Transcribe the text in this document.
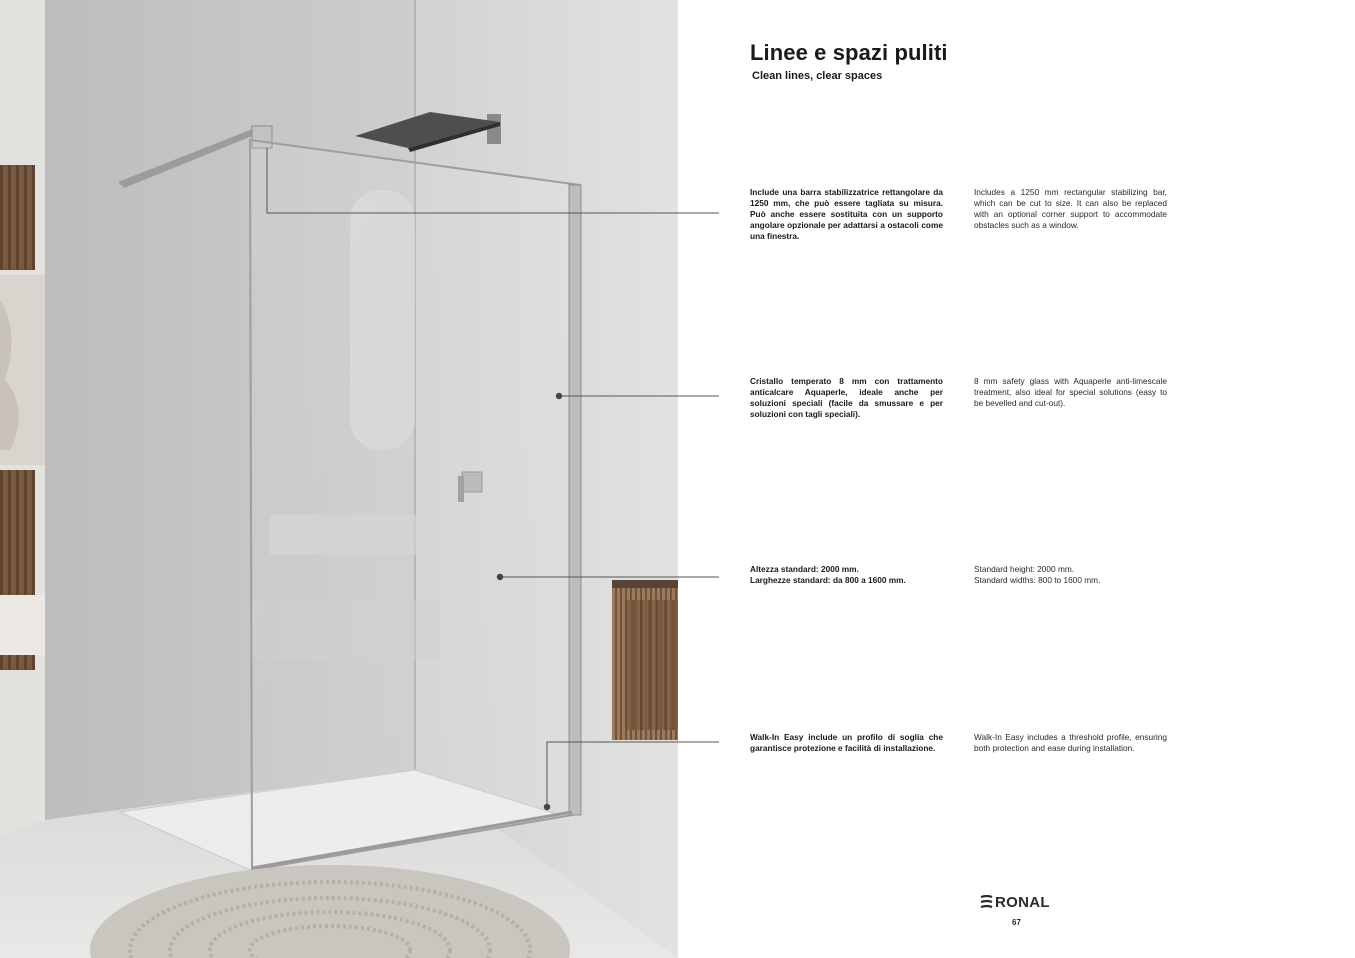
Linee e spazi puliti

Clean lines, clear spaces

Include una barra stabilizzatrice rettangolare da 1250 mm, che può essere tagliata su misura. Può anche essere sostituita con un supporto angolare opzionale per adattarsi a ostacoli come una finestra.

Includes a 1250 mm rectangular stabilizing bar, which can be cut to size. It can also be replaced with an optional corner support to accommodate obstacles such as a window.

Cristallo temperato 8 mm con trattamento anticalcare Aquaperle, ideale anche per soluzioni speciali (facile da smussare e per soluzioni con tagli speciali).

8 mm safety glass with Aquaperle anti-limescale treatment, also ideal for special solutions (easy to be bevelled and cut-out).

Altezza standard: 2000 mm.
Larghezze standard: da 800 a 1600 mm.
Standard height: 2000 mm.
Standard widths: 800 to 1600 mm.

Walk-In Easy include un profilo di soglia che garantisce protezione e facilità di installazione.

Walk-In Easy includes a threshold profile, ensuring both protection and ease during installation.

RONAL
67
